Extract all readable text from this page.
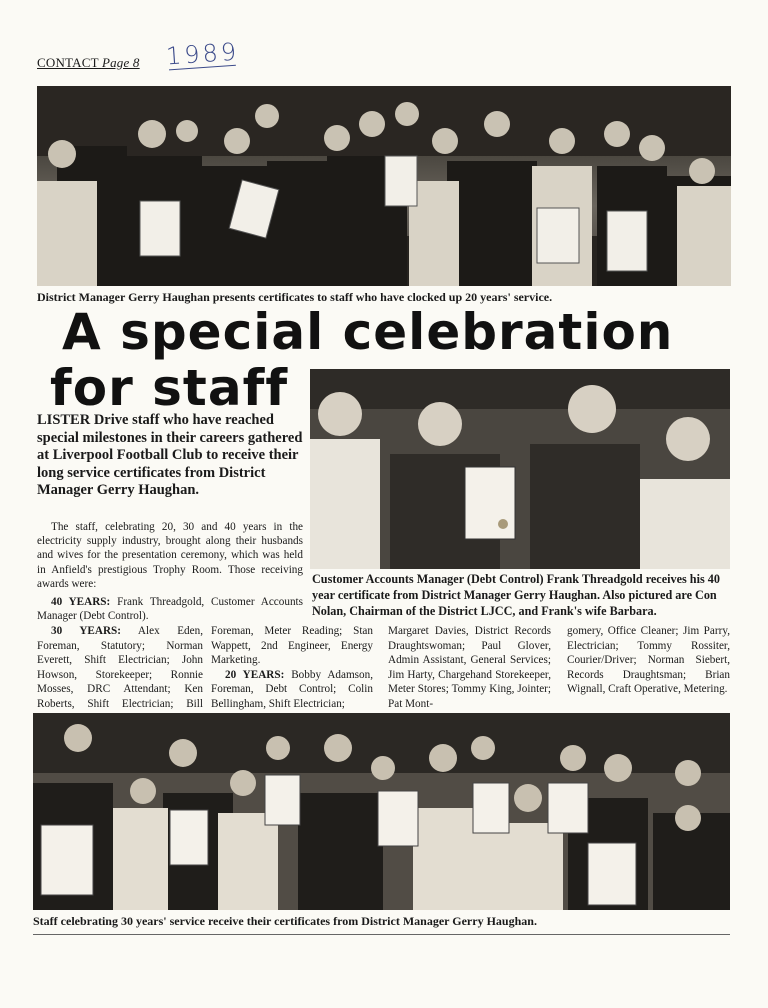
CONTACT Page 8 1989
District Manager Gerry Haughan presents certificates to staff who have clocked up 20 years' service.
A special celebration
for staff
Customer Accounts Manager (Debt Control) Frank Threadgold receives his 40 year certificate from District Manager Gerry Haughan. Also pictured are Con Nolan, Chairman of the District LJCC, and Frank's wife Barbara.
LISTER Drive staff who have reached special milestones in their careers gathered at Liverpool Football Club to receive their long service certificates from District Manager Gerry Haughan.

The staff, celebrating 20, 30 and 40 years in the electricity supply industry, brought along their husbands and wives for the presentation ceremony, which was held in Anfield's prestigious Trophy Room. Those receiving awards were:

40 YEARS: Frank Threadgold, Customer Accounts Manager (Debt Control).

30 YEARS: Alex Eden, Foreman, Statutory; Norman Everett, Shift Electrician; John Howson, Storekeeper; Ronnie Mosses, DRC Attendant; Ken Roberts, Shift Electrician; Bill

Foreman, Meter Reading; Stan Wappett, 2nd Engineer, Energy Marketing.

20 YEARS: Bobby Adamson, Foreman, Debt Control; Colin Bellingham, Shift Electrician;

Margaret Davies, District Records Draughtswoman; Paul Glover, Admin Assistant, General Services; Jim Harty, Chargehand Storekeeper, Meter Stores; Tommy King, Jointer; Pat Mont-

gomery, Office Cleaner; Jim Parry, Electrician; Tommy Rossiter, Courier/Driver; Norman Siebert, Records Draughtsman; Brian Wignall, Craft Operative, Metering.

Staff celebrating 30 years' service receive their certificates from District Manager Gerry Haughan.
